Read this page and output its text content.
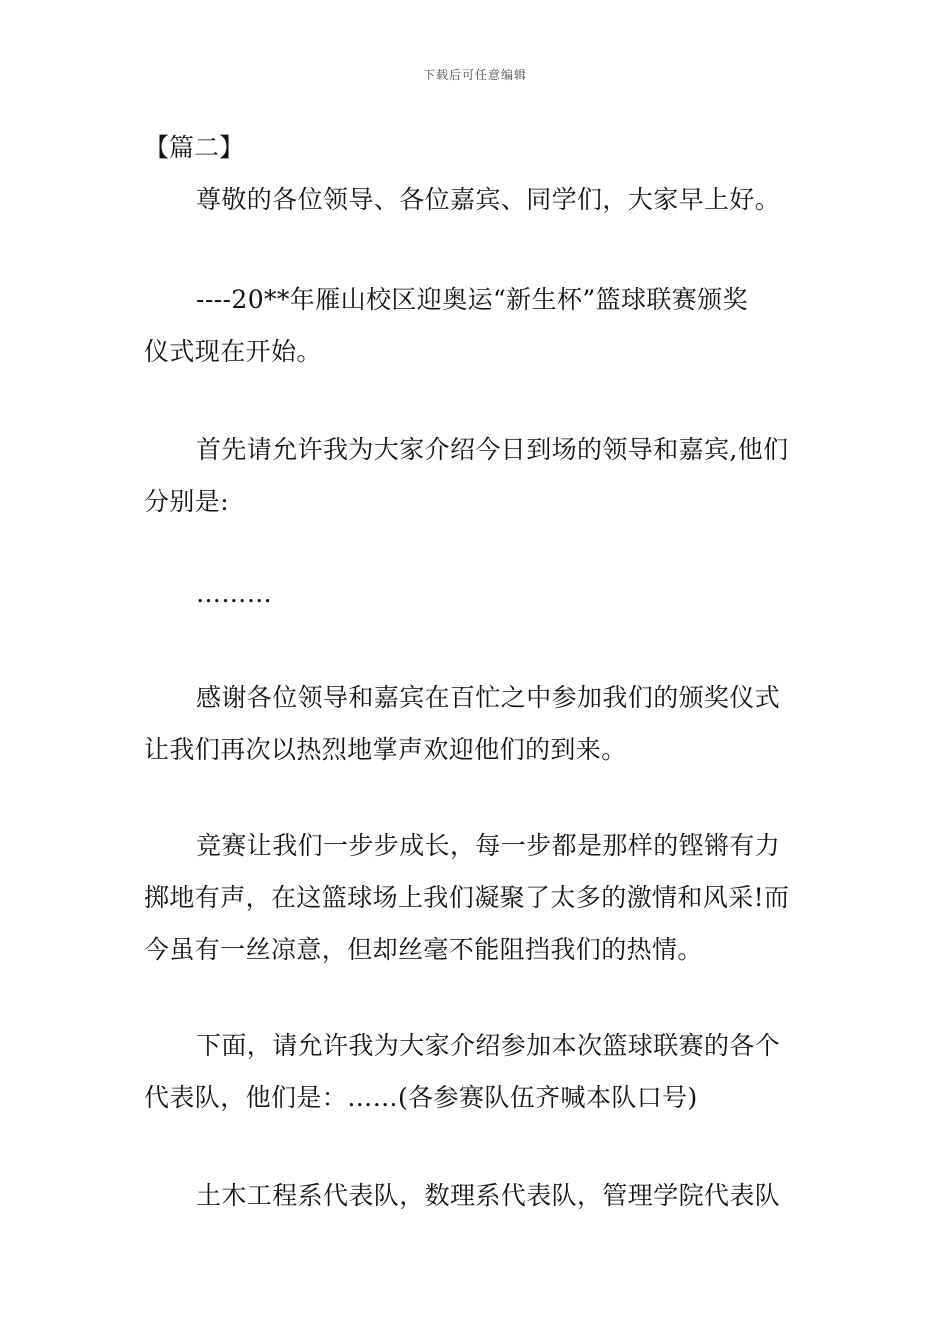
下载后可任意编辑
【篇二】
尊敬的各位领导、各位嘉宾、同学们，大家早上好。
----20**年雁山校区迎奥运“新生杯”篮球联赛颁奖
仪式现在开始。
首先请允许我为大家介绍今日到场的领导和嘉宾,他们
分别是:
………
感谢各位领导和嘉宾在百忙之中参加我们的颁奖仪式
让我们再次以热烈地掌声欢迎他们的到来。
竞赛让我们一步步成长，每一步都是那样的铿锵有力
掷地有声，在这篮球场上我们凝聚了太多的激情和风采!而
今虽有一丝凉意，但却丝毫不能阻挡我们的热情。
下面，请允许我为大家介绍参加本次篮球联赛的各个
代表队，他们是：……(各参赛队伍齐喊本队口号)
土木工程系代表队，数理系代表队，管理学院代表队
